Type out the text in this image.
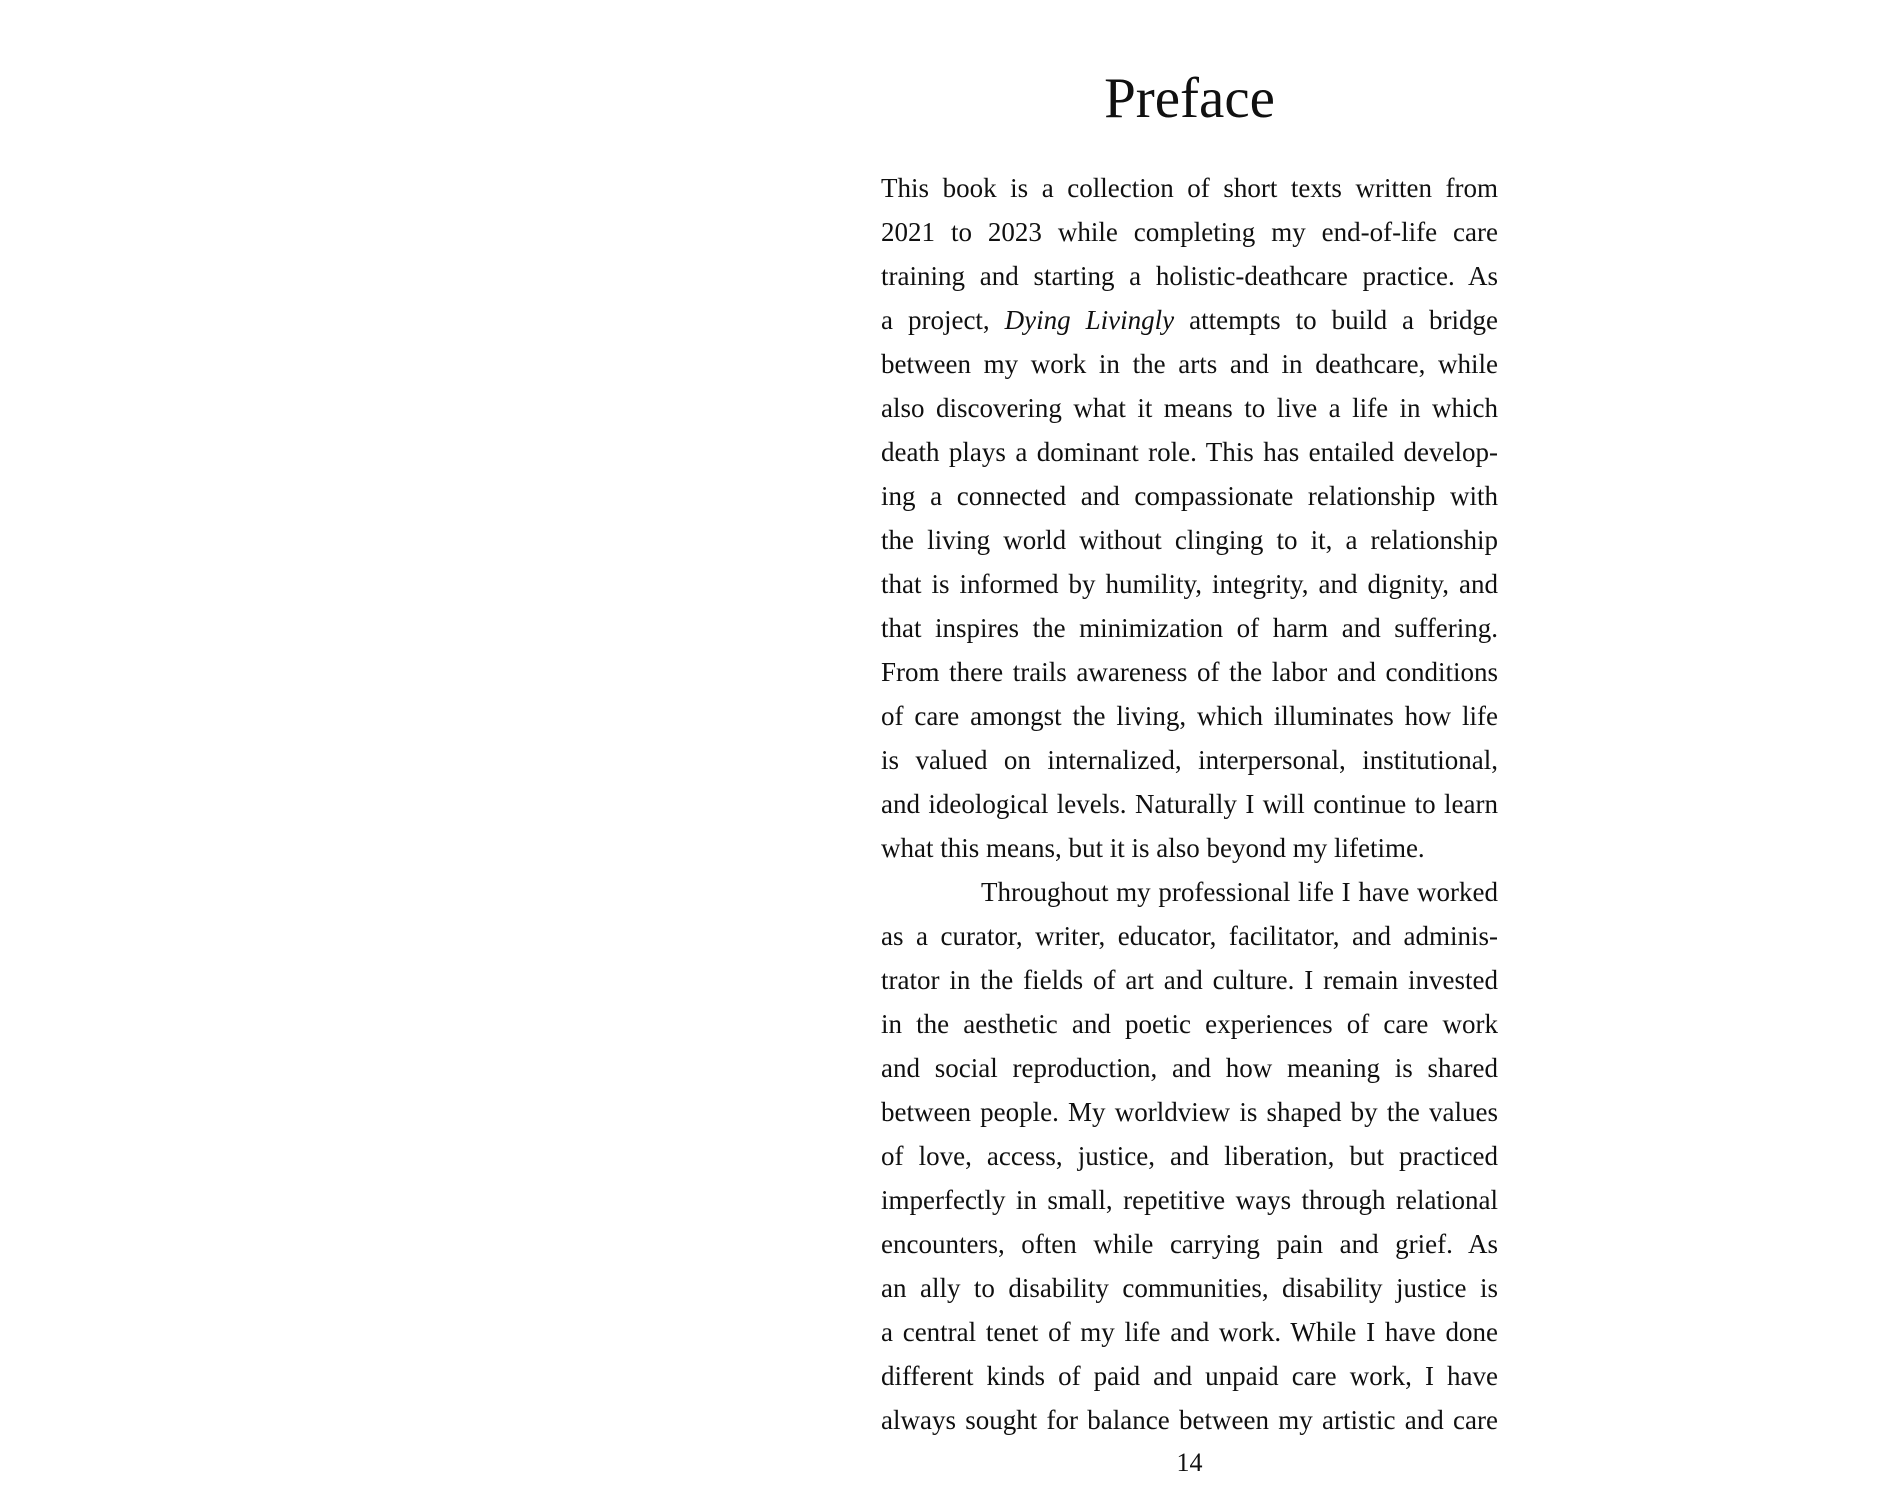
Preface
This book is a collection of short texts written from
2021 to 2023 while completing my end-of-life care
training and starting a holistic-deathcare practice. As
a project, Dying Livingly attempts to build a bridge
between my work in the arts and in deathcare, while
also discovering what it means to live a life in which
death plays a dominant role. This has entailed develop-
ing a connected and compassionate relationship with
the living world without clinging to it, a relationship
that is informed by humility, integrity, and dignity, and
that inspires the minimization of harm and suffering.
From there trails awareness of the labor and conditions
of care amongst the living, which illuminates how life
is valued on internalized, interpersonal, institutional,
and ideological levels. Naturally I will continue to learn
what this means, but it is also beyond my lifetime.
Throughout my professional life I have worked
as a curator, writer, educator, facilitator, and adminis-
trator in the fields of art and culture. I remain invested
in the aesthetic and poetic experiences of care work
and social reproduction, and how meaning is shared
between people. My worldview is shaped by the values
of love, access, justice, and liberation, but practiced
imperfectly in small, repetitive ways through relational
encounters, often while carrying pain and grief. As
an ally to disability communities, disability justice is
a central tenet of my life and work. While I have done
different kinds of paid and unpaid care work, I have
always sought for balance between my artistic and care
14
